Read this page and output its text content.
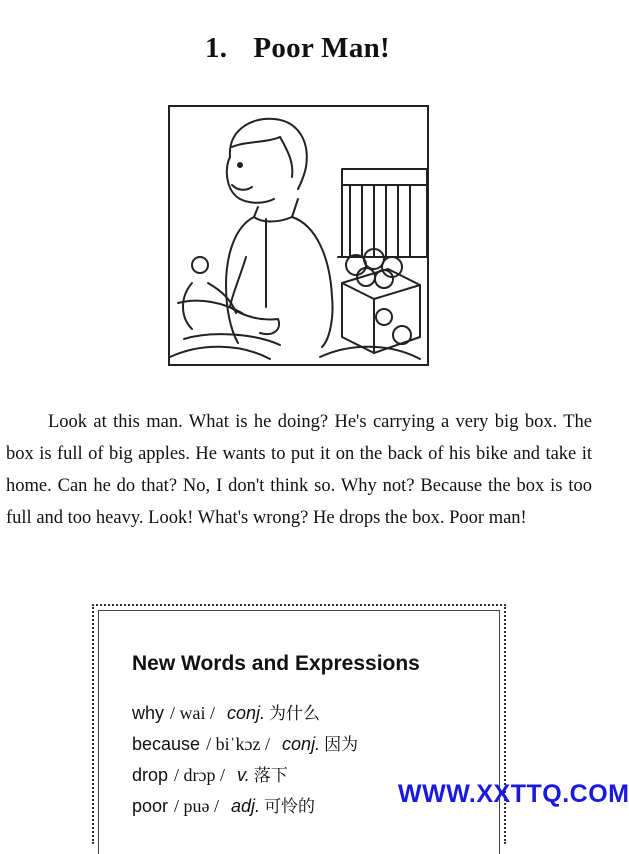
1. Poor Man!

Look at this man. What is he doing? He's carrying a very big box. The box is full of big apples. He wants to put it on the back of his bike and take it home. Can he do that? No, I don't think so. Why not? Because the box is too full and too heavy. Look! What's wrong? He drops the box. Poor man!

New Words and Expressions
why / wai / conj. 为什么
because / biˈkɔz / conj. 因为
drop / drɔp / v. 落下
poor / puə / adj. 可怜的	WWW.XXTTQ.COM
